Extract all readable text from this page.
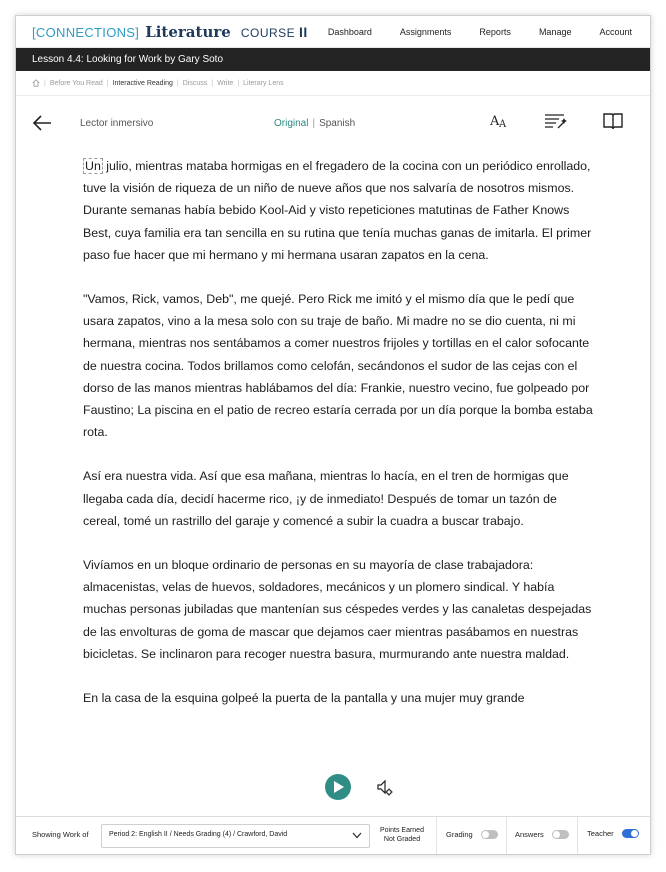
[CONNECTIONS] Literature COURSE II Dashboard	Assignments	Reports	Manage	Account
Lesson 4.4: Looking for Work by Gary Soto
| Before You Read | Interactive Reading | Discuss | Write | Literary Lens
Lector inmersivo	Original | Spanish	A A

Un julio, mientras mataba hormigas en el fregadero de la cocina con un periódico enrollado, tuve la visión de riqueza de un niño de nueve años que nos salvaría de nosotros mismos. Durante semanas había bebido Kool-Aid y visto repeticiones matutinas de Father Knows Best, cuya familia era tan sencilla en su rutina que tenía muchas ganas de imitarla. El primer paso fue hacer que mi hermano y mi hermana usaran zapatos en la cena.

"Vamos, Rick, vamos, Deb", me quejé. Pero Rick me imitó y el mismo día que le pedí que usara zapatos, vino a la mesa solo con su traje de baño. Mi madre no se dio cuenta, ni mi hermana, mientras nos sentábamos a comer nuestros frijoles y tortillas en el calor sofocante de nuestra cocina. Todos brillamos como celofán, secándonos el sudor de las cejas con el dorso de las manos mientras hablábamos del día: Frankie, nuestro vecino, fue golpeado por Faustino; La piscina en el patio de recreo estaría cerrada por un día porque la bomba estaba rota.

Así era nuestra vida. Así que esa mañana, mientras lo hacía, en el tren de hormigas que llegaba cada día, decidí hacerme rico, ¡y de inmediato! Después de tomar un tazón de cereal, tomé un rastrillo del garaje y comencé a subir la cuadra a buscar trabajo.

Vivíamos en un bloque ordinario de personas en su mayoría de clase trabajadora: almacenistas, velas de huevos, soldadores, mecánicos y un plomero sindical. Y había muchas personas jubiladas que mantenían sus céspedes verdes y las canaletas despejadas de las envolturas de goma de mascar que dejamos caer mientras pasábamos en nuestras bicicletas. Se inclinaron para recoger nuestra basura, murmurando ante nuestra maldad.

En la casa de la esquina golpeé la puerta de la pantalla y una mujer muy grande

Showing Work of	Period 2: English II / Needs Grading (4) / Crawford, David
Points Earned
Not Graded
Grading	Answers	Teacher
